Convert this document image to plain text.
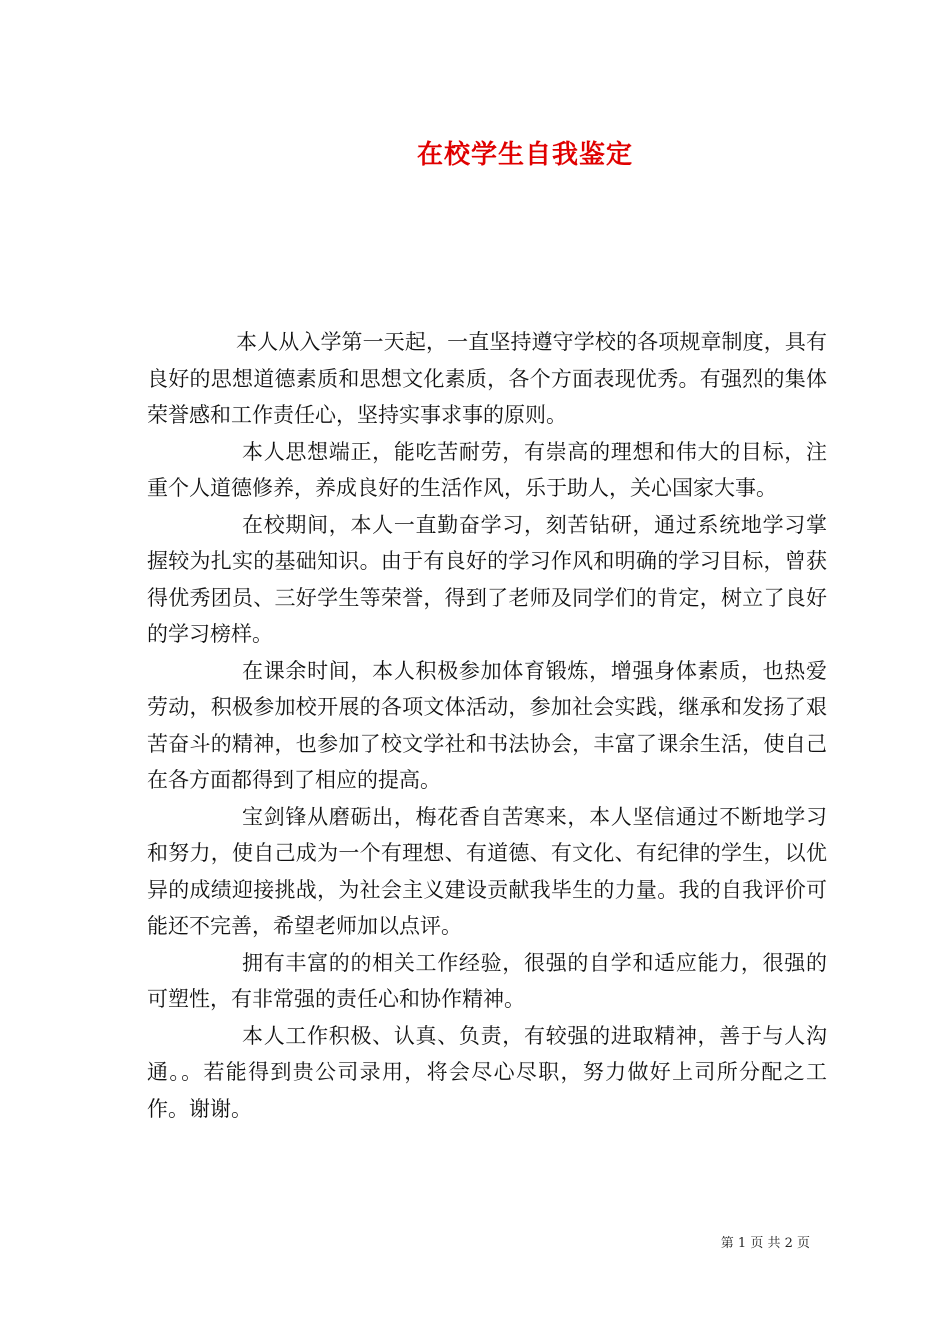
在校学生自我鉴定

本人从入学第一天起，一直坚持遵守学校的各项规章制度，具有良好的思想道德素质和思想文化素质，各个方面表现优秀。有强烈的集体荣誉感和工作责任心，坚持实事求事的原则。

本人思想端正，能吃苦耐劳，有崇高的理想和伟大的目标，注重个人道德修养，养成良好的生活作风，乐于助人，关心国家大事。

在校期间，本人一直勤奋学习，刻苦钻研，通过系统地学习掌握较为扎实的基础知识。由于有良好的学习作风和明确的学习目标，曾获得优秀团员、三好学生等荣誉，得到了老师及同学们的肯定，树立了良好的学习榜样。

在课余时间，本人积极参加体育锻炼，增强身体素质，也热爱劳动，积极参加校开展的各项文体活动，参加社会实践，继承和发扬了艰苦奋斗的精神，也参加了校文学社和书法协会，丰富了课余生活，使自己在各方面都得到了相应的提高。

宝剑锋从磨砺出，梅花香自苦寒来，本人坚信通过不断地学习和努力，使自己成为一个有理想、有道德、有文化、有纪律的学生，以优异的成绩迎接挑战，为社会主义建设贡献我毕生的力量。我的自我评价可能还不完善，希望老师加以点评。

拥有丰富的的相关工作经验，很强的自学和适应能力，很强的可塑性，有非常强的责任心和协作精神。

本人工作积极、认真、负责，有较强的进取精神，善于与人沟通。。若能得到贵公司录用，将会尽心尽职，努力做好上司所分配之工作。谢谢。

第 1 页 共 2 页
